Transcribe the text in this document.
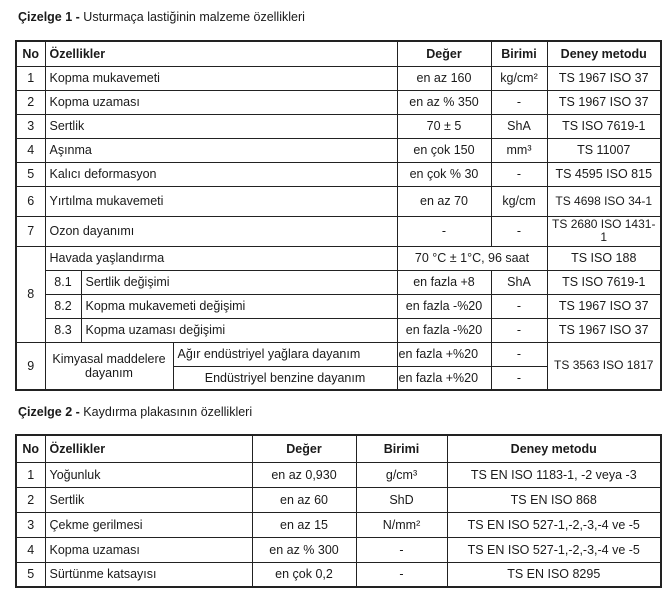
Çizelge 1 - Usturmaça lastiğinin malzeme özellikleri
No	Özellikler			Değer	Birimi	Deney metodu
1	Kopma mukavemeti			en az 160	kg/cm²	TS 1967 ISO 37
2	Kopma uzaması			en az % 350	-	TS 1967 ISO 37
3	Sertlik			70 ± 5	ShA	TS ISO 7619-1
4	Aşınma			en çok 150	mm³	TS 11007
5	Kalıcı deformasyon			en çok % 30	-	TS 4595 ISO 815
6	Yırtılma mukavemeti			en az 70	kg/cm	TS 4698 ISO 34-1
7	Ozon dayanımı			-	-	TS 2680 ISO 1431-1
8	Havada yaşlandırma			70 °C ± 1°C, 96 saat		TS ISO 188
	8.1	Sertlik değişimi		en fazla +8	ShA	TS ISO 7619-1
	8.2	Kopma mukavemeti değişimi		en fazla -%20	-	TS 1967 ISO 37
	8.3	Kopma uzaması değişimi		en fazla -%20	-	TS 1967 ISO 37
9	Kimyasal maddelere dayanım		Ağır endüstriyel yağlara dayanım	en fazla +%20	-	TS 3563 ISO 1817
			Endüstriyel benzine dayanım	en fazla +%20	-	
Çizelge 2 - Kaydırma plakasının özellikleri
No	Özellikler	Değer	Birimi	Deney metodu
1	Yoğunluk	en az 0,930	g/cm³	TS EN ISO 1183-1, -2 veya -3
2	Sertlik	en az 60	ShD	TS EN ISO 868
3	Çekme gerilmesi	en az 15	N/mm²	TS EN ISO 527-1,-2,-3,-4 ve -5
4	Kopma uzaması	en az % 300	-	TS EN ISO 527-1,-2,-3,-4 ve -5
5	Sürtünme katsayısı	en çok 0,2	-	TS EN ISO 8295
